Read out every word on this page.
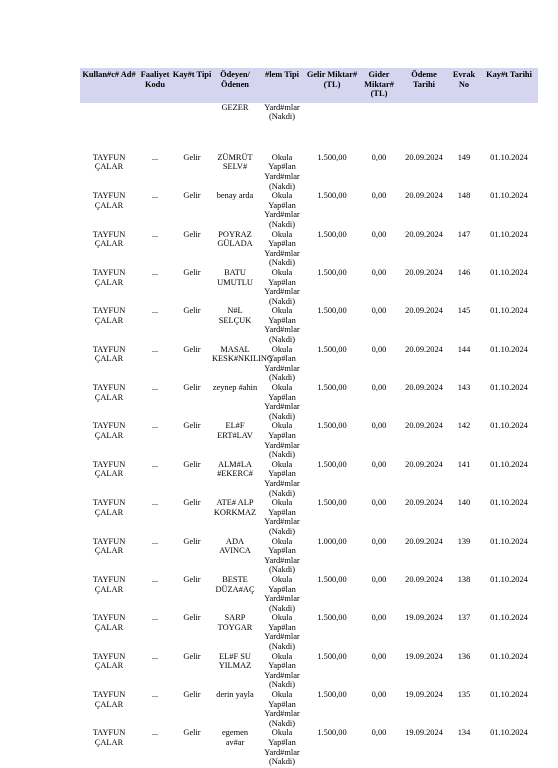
Kullan#c# Ad#	Faaliyet Kodu	Kay#t Tipi	Ödeyen/Ödenen	#lem Tipi	Gelir Miktar# (TL)	Gider Miktar# (TL)	Ödeme Tarihi	Evrak No	Kay#t Tarihi
			GEZER	Yard#mlar (Nakdi)					
TAYFUN ÇALAR	...	Gelir	ZÜMRÜT SELV#	Okula Yap#lan Yard#mlar (Nakdi)	1.500,00	0,00	20.09.2024	149	01.10.2024
TAYFUN ÇALAR	...	Gelir	benay arda	Okula Yap#lan Yard#mlar (Nakdi)	1.500,00	0,00	20.09.2024	148	01.10.2024
TAYFUN ÇALAR	...	Gelir	POYRAZ GÜLADA	Okula Yap#lan Yard#mlar (Nakdi)	1.500,00	0,00	20.09.2024	147	01.10.2024
TAYFUN ÇALAR	...	Gelir	BATU UMUTLU	Okula Yap#lan Yard#mlar (Nakdi)	1.500,00	0,00	20.09.2024	146	01.10.2024
TAYFUN ÇALAR	...	Gelir	N#L SELÇUK	Okula Yap#lan Yard#mlar (Nakdi)	1.500,00	0,00	20.09.2024	145	01.10.2024
TAYFUN ÇALAR	...	Gelir	MASAL KESK#NKILINÇ	Okula Yap#lan Yard#mlar (Nakdi)	1.500,00	0,00	20.09.2024	144	01.10.2024
TAYFUN ÇALAR	...	Gelir	zeynep #ahin	Okula Yap#lan Yard#mlar (Nakdi)	1.500,00	0,00	20.09.2024	143	01.10.2024
TAYFUN ÇALAR	...	Gelir	EL#F ERT#LAV	Okula Yap#lan Yard#mlar (Nakdi)	1.500,00	0,00	20.09.2024	142	01.10.2024
TAYFUN ÇALAR	...	Gelir	ALM#LA #EKERC#	Okula Yap#lan Yard#mlar (Nakdi)	1.500,00	0,00	20.09.2024	141	01.10.2024
TAYFUN ÇALAR	...	Gelir	ATE# ALP KORKMAZ	Okula Yap#lan Yard#mlar (Nakdi)	1.500,00	0,00	20.09.2024	140	01.10.2024
TAYFUN ÇALAR	...	Gelir	ADA AVINCA	Okula Yap#lan Yard#mlar (Nakdi)	1.000,00	0,00	20.09.2024	139	01.10.2024
TAYFUN ÇALAR	...	Gelir	BESTE DÜZA#AÇ	Okula Yap#lan Yard#mlar (Nakdi)	1.500,00	0,00	20.09.2024	138	01.10.2024
TAYFUN ÇALAR	...	Gelir	SARP TOYGAR	Okula Yap#lan Yard#mlar (Nakdi)	1.500,00	0,00	19.09.2024	137	01.10.2024
TAYFUN ÇALAR	...	Gelir	EL#F SU YILMAZ	Okula Yap#lan Yard#mlar (Nakdi)	1.500,00	0,00	19.09.2024	136	01.10.2024
TAYFUN ÇALAR	...	Gelir	derin yayla	Okula Yap#lan Yard#mlar (Nakdi)	1.500,00	0,00	19.09.2024	135	01.10.2024
TAYFUN ÇALAR	...	Gelir	egemen av#ar	Okula Yap#lan Yard#mlar (Nakdi)	1.500,00	0,00	19.09.2024	134	01.10.2024
